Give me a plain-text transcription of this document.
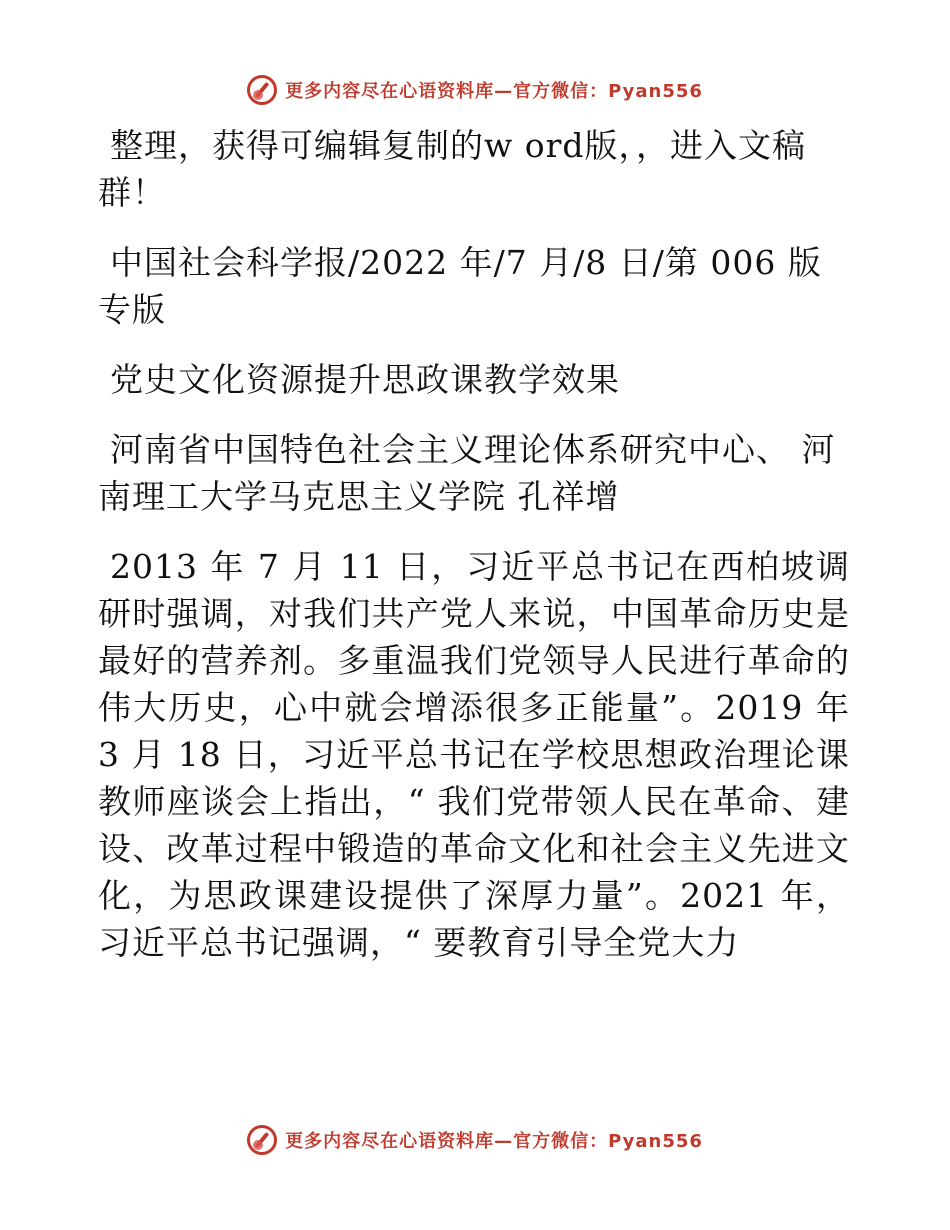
更多内容尽在心语资料库—官方微信：Pyan556

整理，获得可编辑复制的w ord版，，进入文稿群！

中国社会科学报/2022 年/7 月/8 日/第 006 版专版

党史文化资源提升思政课教学效果

河南省中国特色社会主义理论体系研究中心、 河南理工大学马克思主义学院 孔祥增

2013 年 7 月 11 日，习近平总书记在西柏坡调研时强调，对我们共产党人来说，中国革命历史是最好的营养剂。多重温我们党领导人民进行革命的伟大历史，心中就会增添很多正能量”。2019 年 3 月 18 日，习近平总书记在学校思想政治理论课教师座谈会上指出，“ 我们党带领人民在革命、建设、改革过程中锻造的革命文化和社会主义先进文化，为思政课建设提供了深厚力量”。2021 年，习近平总书记强调，“ 要教育引导全党大力

更多内容尽在心语资料库—官方微信：Pyan556
